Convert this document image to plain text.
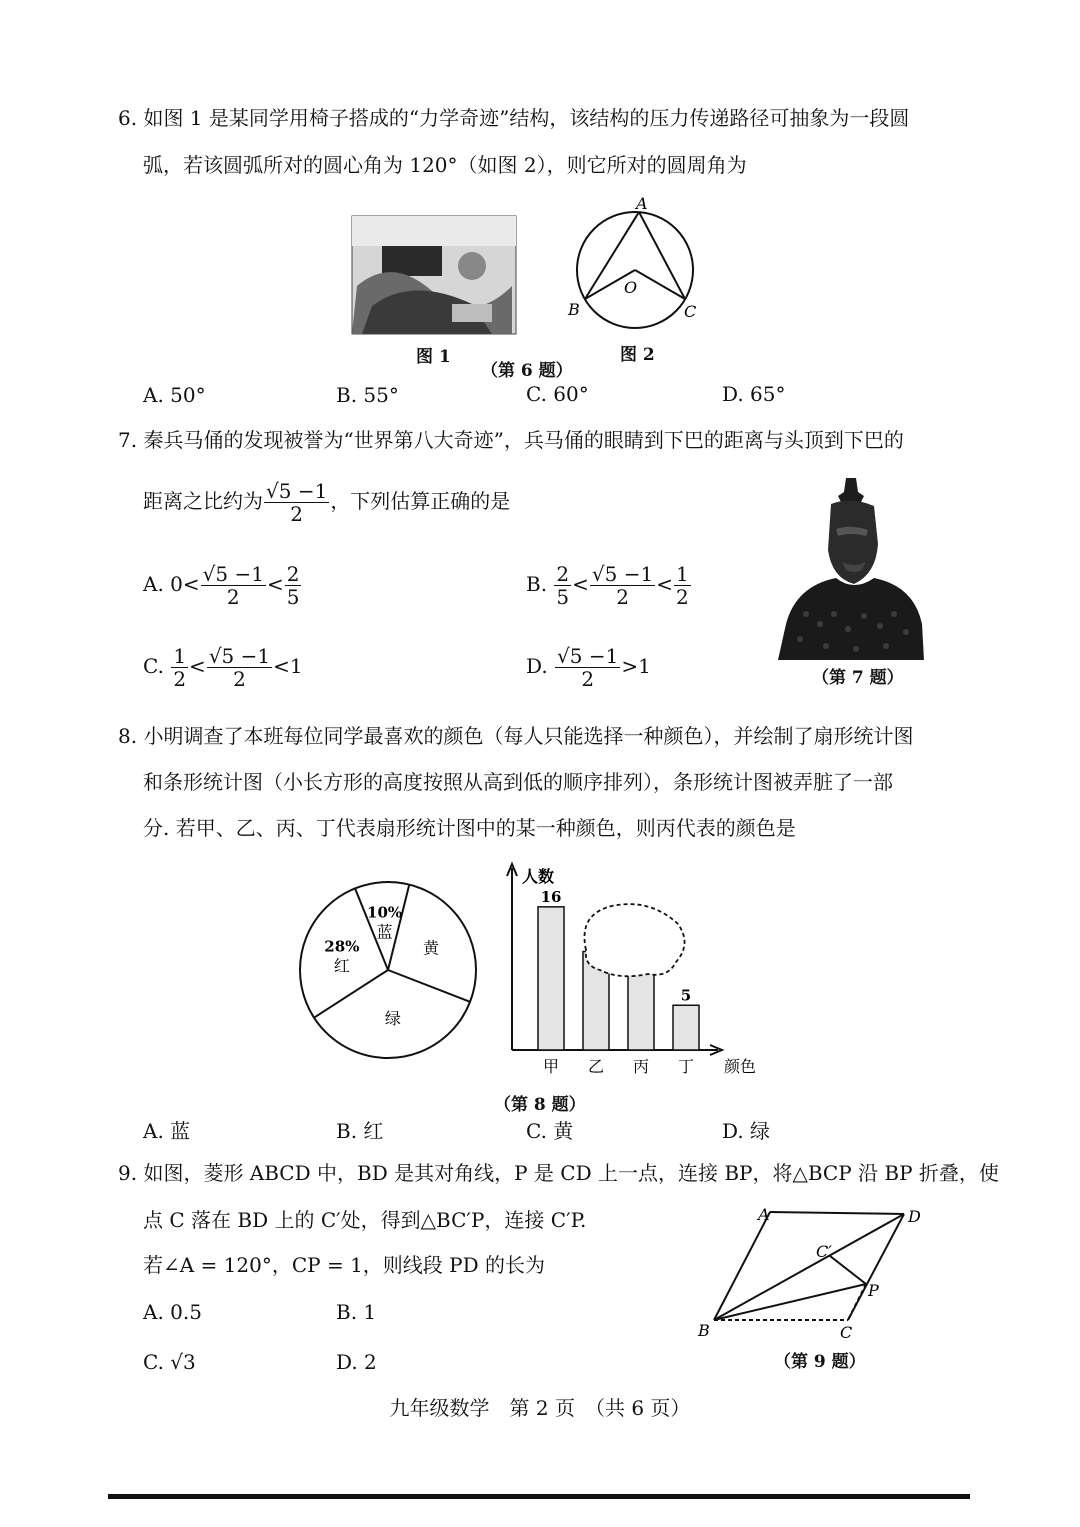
6. 如图 1 是某同学用椅子搭成的“力学奇迹”结构，该结构的压力传递路径可抽象为一段圆
弧，若该圆弧所对的圆心角为 120°（如图 2），则它所对的圆周角为
图 1
A
O
B	C
图 2
（第 6 题）
A. 50°	B. 55°	C. 60°	D. 65°
7. 秦兵马俑的发现被誉为“世界第八大奇迹”，兵马俑的眼睛到下巴的距离与头顶到下巴的
距离之比约为 $\frac{√5 -1}{2}$ ，下列估算正确的是
A. $0< \frac{√5 -1}{2} < \frac{2}{5}$	B. $\frac{2}{5} < \frac{√5 -1}{2} < \frac{1}{2}$
C. $\frac{1}{2} < \frac{√5 -1}{2} <1$	D. $\frac{√5 -1}{2} >1$	（第 7 题）
8. 小明调查了本班每位同学最喜欢的颜色（每人只能选择一种颜色），并绘制了扇形统计图
和条形统计图（小长方形的高度按照从高到低的顺序排列），条形统计图被弄脏了一部
分. 若甲、乙、丙、丁代表扇形统计图中的某一种颜色，则丙代表的颜色是
10%
蓝
黄
绿
28%
红
人数
颜色
甲
16
乙 丙 丁
5
（第 8 题）
A. 蓝	B. 红	C. 黄	D. 绿
9. 如图，菱形 ABCD 中，BD 是其对角线，P 是 CD 上一点，连接 BP，将△BCP 沿 BP 折叠，使
点 C 落在 BD 上的 C′处，得到△BC′P，连接 C′P.
若∠A = 120°，CP = 1，则线段 PD 的长为
A. 0.5	B. 1
C. √3	D. 2
A	D
C′
P
B	C
（第 9 题）
九年级数学　第 2 页　（共 6 页）
